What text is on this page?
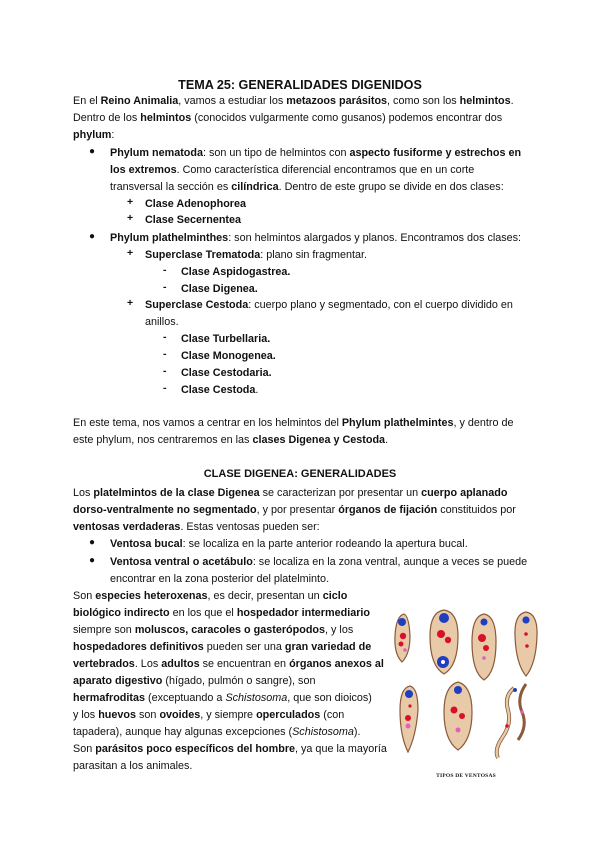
TEMA 25: GENERALIDADES DIGENIDOS
En el Reino Animalia, vamos a estudiar los metazoos parásitos, como son los helmintos.
Dentro de los helmintos (conocidos vulgarmente como gusanos) podemos encontrar dos
phylum:
● Phylum nematoda: son un tipo de helmintos con aspecto fusiforme y estrechos en
los extremos. Como característica diferencial encontramos que en un corte
transversal la sección es cilíndrica. Dentro de este grupo se divide en dos clases:
+ Clase Adenophorea
+ Clase Secernentea
● Phylum plathelminthes: son helmintos alargados y planos. Encontramos dos clases:
+ Superclase Trematoda: plano sin fragmentar.
- Clase Aspidogastrea.
- Clase Digenea.
+ Superclase Cestoda: cuerpo plano y segmentado, con el cuerpo dividido en
anillos.
- Clase Turbellaria.
- Clase Monogenea.
- Clase Cestodaria.
- Clase Cestoda.
En este tema, nos vamos a centrar en los helmintos del Phylum plathelmintes, y dentro de
este phylum, nos centraremos en las clases Digenea y Cestoda.
CLASE DIGENEA: GENERALIDADES
Los platelmintos de la clase Digenea se caracterizan por presentar un cuerpo aplanado
dorso-ventralmente no segmentado, y por presentar órganos de fijación constituidos por
ventosas verdaderas. Estas ventosas pueden ser:
● Ventosa bucal: se localiza en la parte anterior rodeando la apertura bucal.
● Ventosa ventral o acetábulo: se localiza en la zona ventral, aunque a veces se puede
encontrar en la zona posterior del platelminto.
Son especies heteroxenas, es decir, presentan un ciclo
biológico indirecto en los que el hospedador intermediario
siempre son moluscos, caracoles o gasterópodos, y los
hospedadores definitivos pueden ser una gran variedad de
vertebrados. Los adultos se encuentran en órganos anexos al
aparato digestivo (hígado, pulmón o sangre), son
hermafroditas (exceptuando a Schistosoma, que son dioicos)
y los huevos son ovoides, y siempre operculados (con
tapadera), aunque hay algunas excepciones (Schistosoma).
Son parásitos poco específicos del hombre, ya que la mayoría
parasitan a los animales.
TIPOS DE VENTOSAS
